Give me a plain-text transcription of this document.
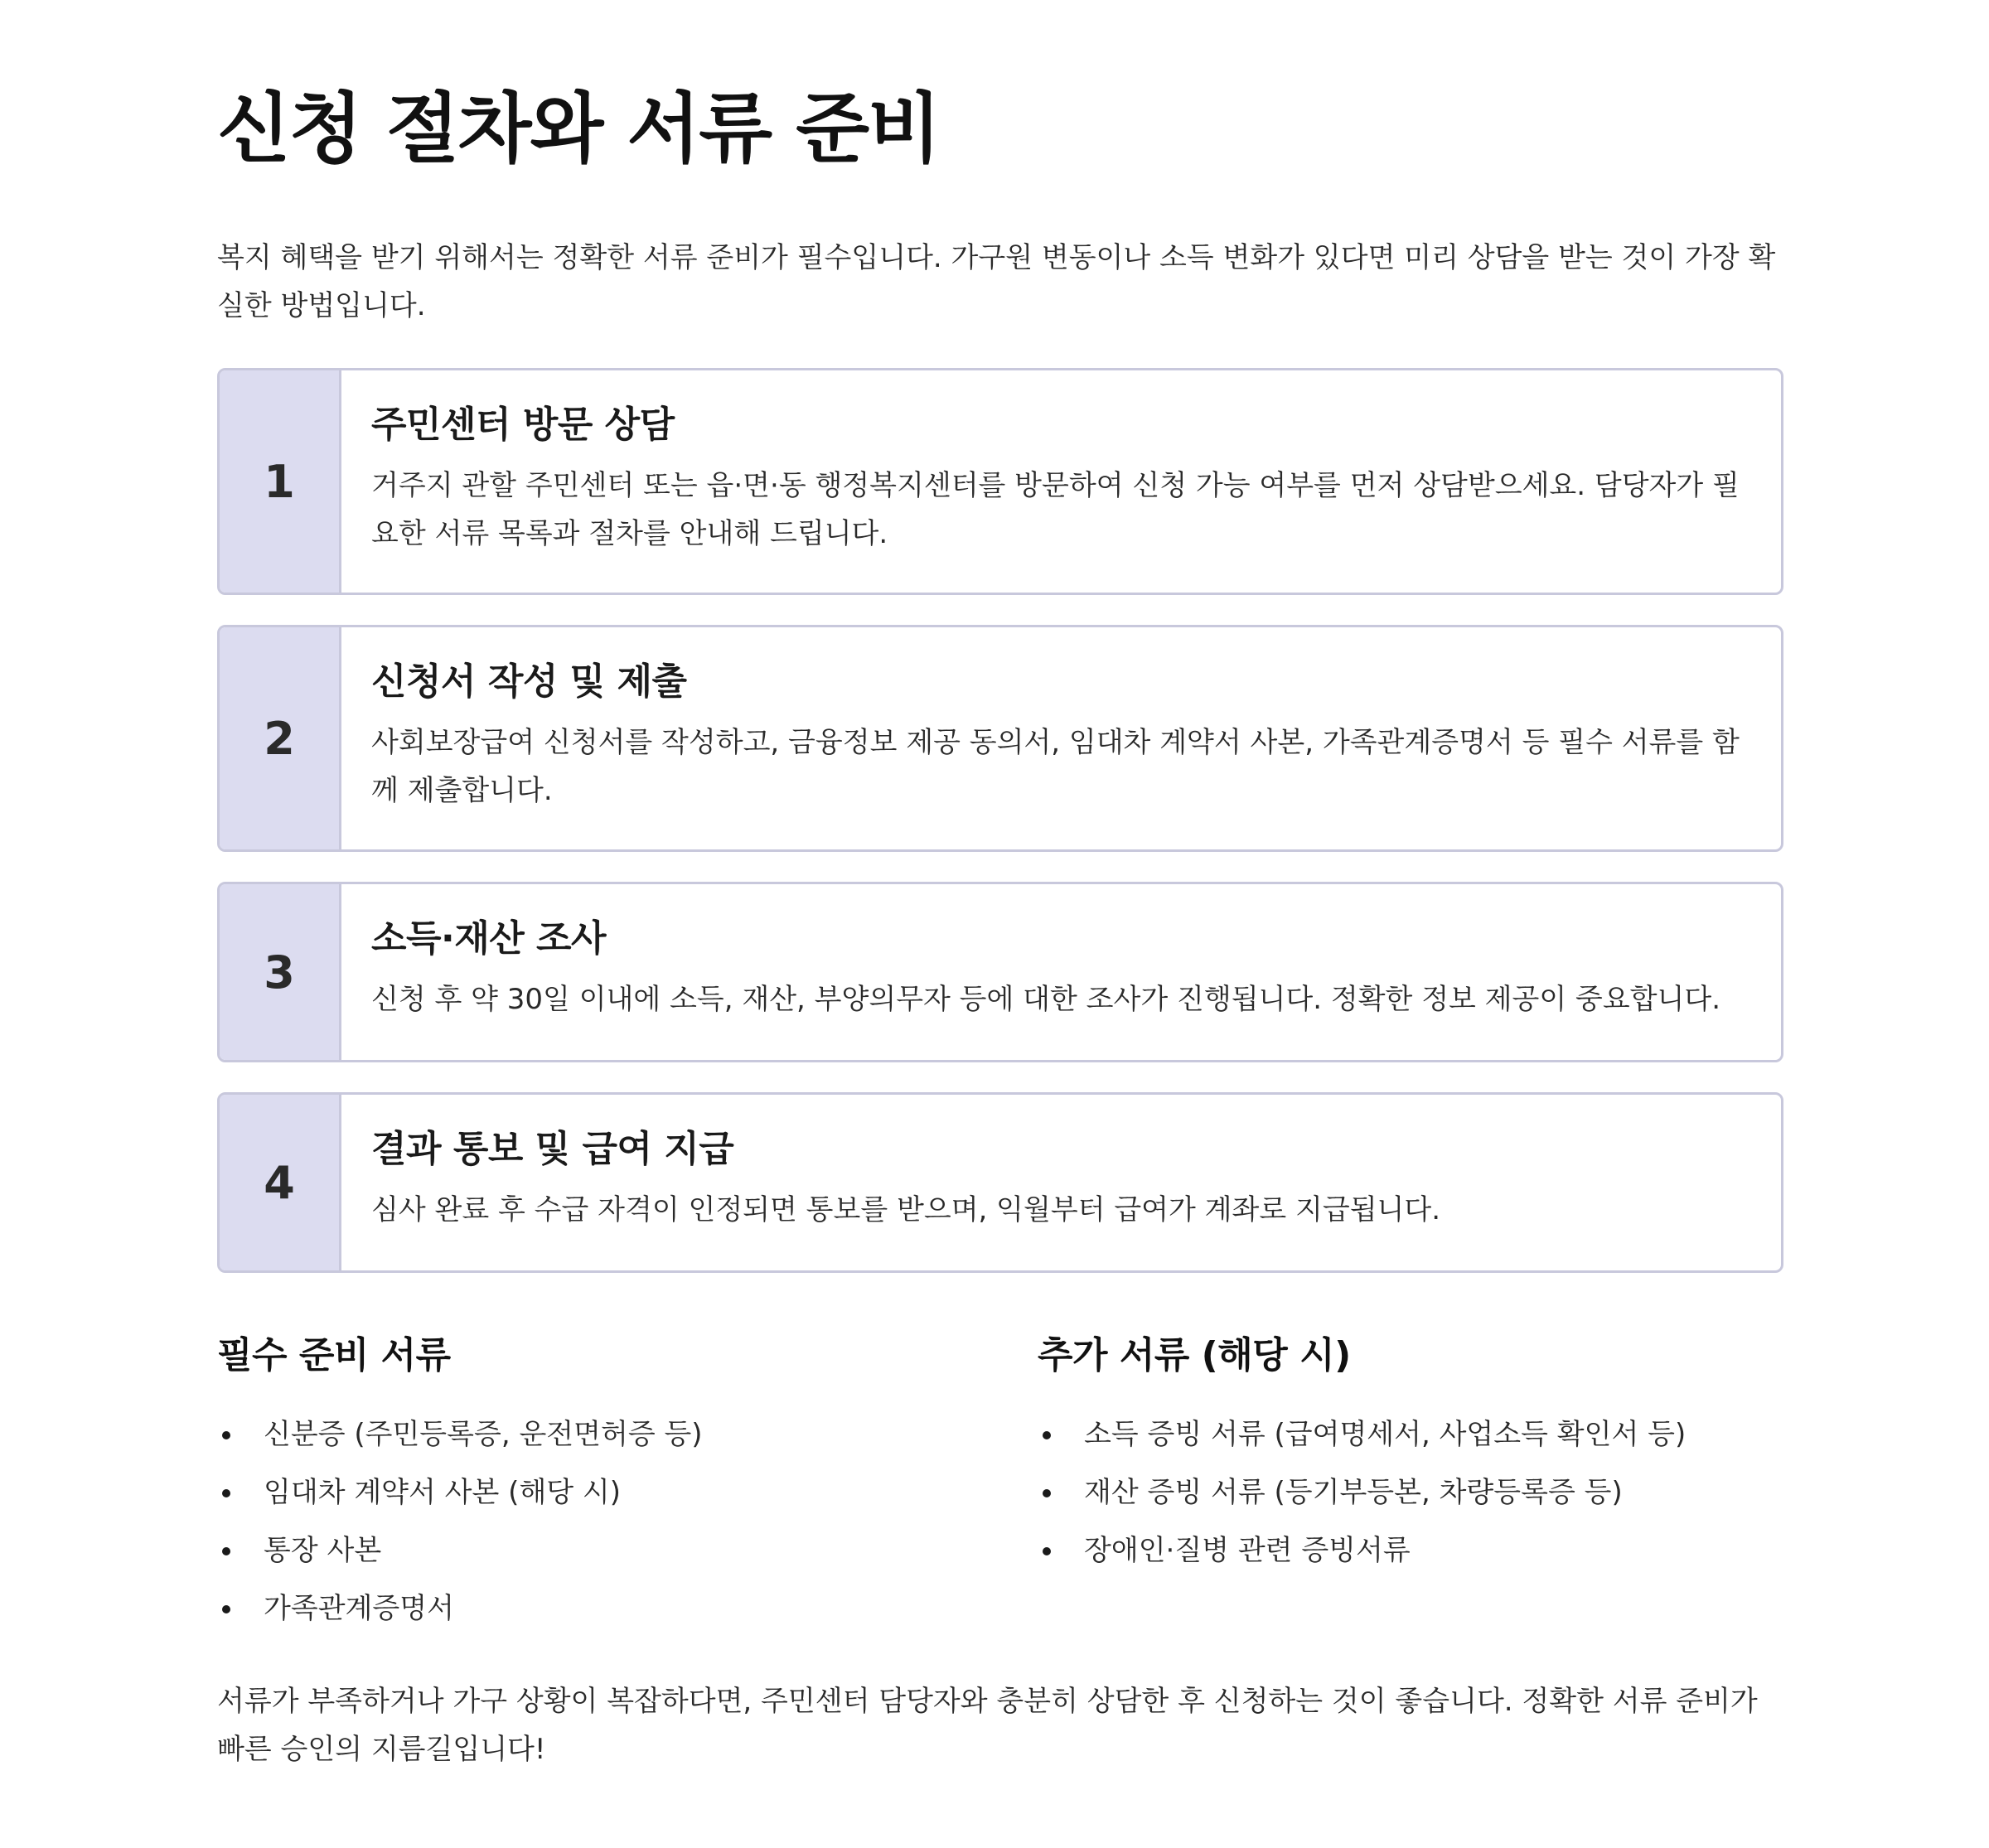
신청 절차와 서류 준비

복지 혜택을 받기 위해서는 정확한 서류 준비가 필수입니다. 가구원 변동이나 소득 변화가 있다면 미리 상담을 받는 것이 가장 확실한 방법입니다.

1
주민센터 방문 상담

거주지 관할 주민센터 또는 읍·면·동 행정복지센터를 방문하여 신청 가능 여부를 먼저 상담받으세요. 담당자가 필요한 서류 목록과 절차를 안내해 드립니다.

2
신청서 작성 및 제출

사회보장급여 신청서를 작성하고, 금융정보 제공 동의서, 임대차 계약서 사본, 가족관계증명서 등 필수 서류를 함께 제출합니다.

3
소득·재산 조사

신청 후 약 30일 이내에 소득, 재산, 부양의무자 등에 대한 조사가 진행됩니다. 정확한 정보 제공이 중요합니다.

4
결과 통보 및 급여 지급

심사 완료 후 수급 자격이 인정되면 통보를 받으며, 익월부터 급여가 계좌로 지급됩니다.

필수 준비 서류
신분증 (주민등록증, 운전면허증 등)
임대차 계약서 사본 (해당 시)
통장 사본
가족관계증명서
추가 서류 (해당 시)
소득 증빙 서류 (급여명세서, 사업소득 확인서 등)
재산 증빙 서류 (등기부등본, 차량등록증 등)
장애인·질병 관련 증빙서류

서류가 부족하거나 가구 상황이 복잡하다면, 주민센터 담당자와 충분히 상담한 후 신청하는 것이 좋습니다. 정확한 서류 준비가 빠른 승인의 지름길입니다!
